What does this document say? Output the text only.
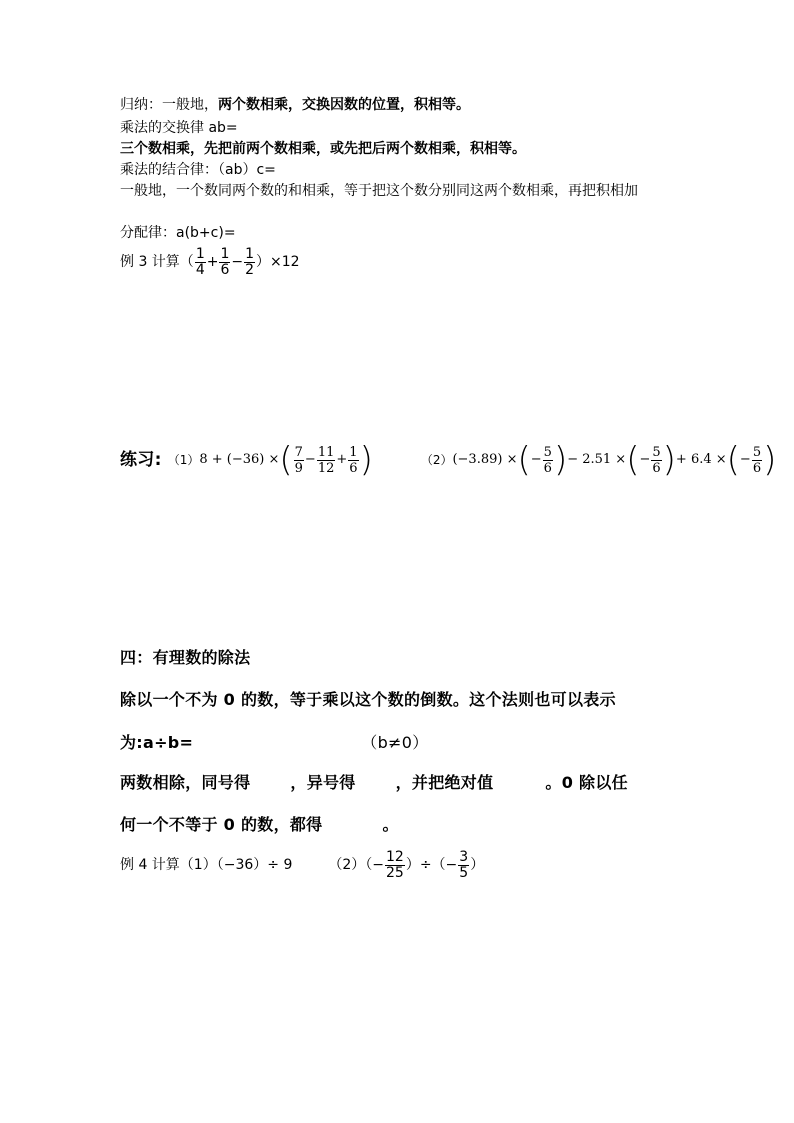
归纳：一般地，两个数相乘，交换因数的位置，积相等。
乘法的交换律 ab=
三个数相乘，先把前两个数相乘，或先把后两个数相乘，积相等。
乘法的结合律：（ab）c=
一般地，一个数同两个数的和相乘，等于把这个数分别同这两个数相乘，再把积相加
分配律：a(b+c)=
例 3 计算（ $\frac{1}{4} + \frac{1}{6} - \frac{1}{2} )\times 12$
练习: （1） 8 + (−36) × ( $\frac{7}{9} - \frac{11}{12} + \frac{1}{6}$ )	（2） (−3.89) × ( − $\frac{5}{6}$ ) − 2.51 × ( − $\frac{5}{6}$ ) + 6.4 × ( − $\frac{5}{6}$ )
四：有理数的除法
除以一个不为 0 的数，等于乘以这个数的倒数。这个法则也可以表示
为:a÷b=	（b≠0）
两数相除，同号得	，异号得	，并把绝对值	。0 除以任
何一个不等于 0 的数，都得	。
例 4 计算（1）（−36）÷ 9	$(2)(- \frac{12}{25}$ ）÷（− $\frac{3}{5}$ ）
